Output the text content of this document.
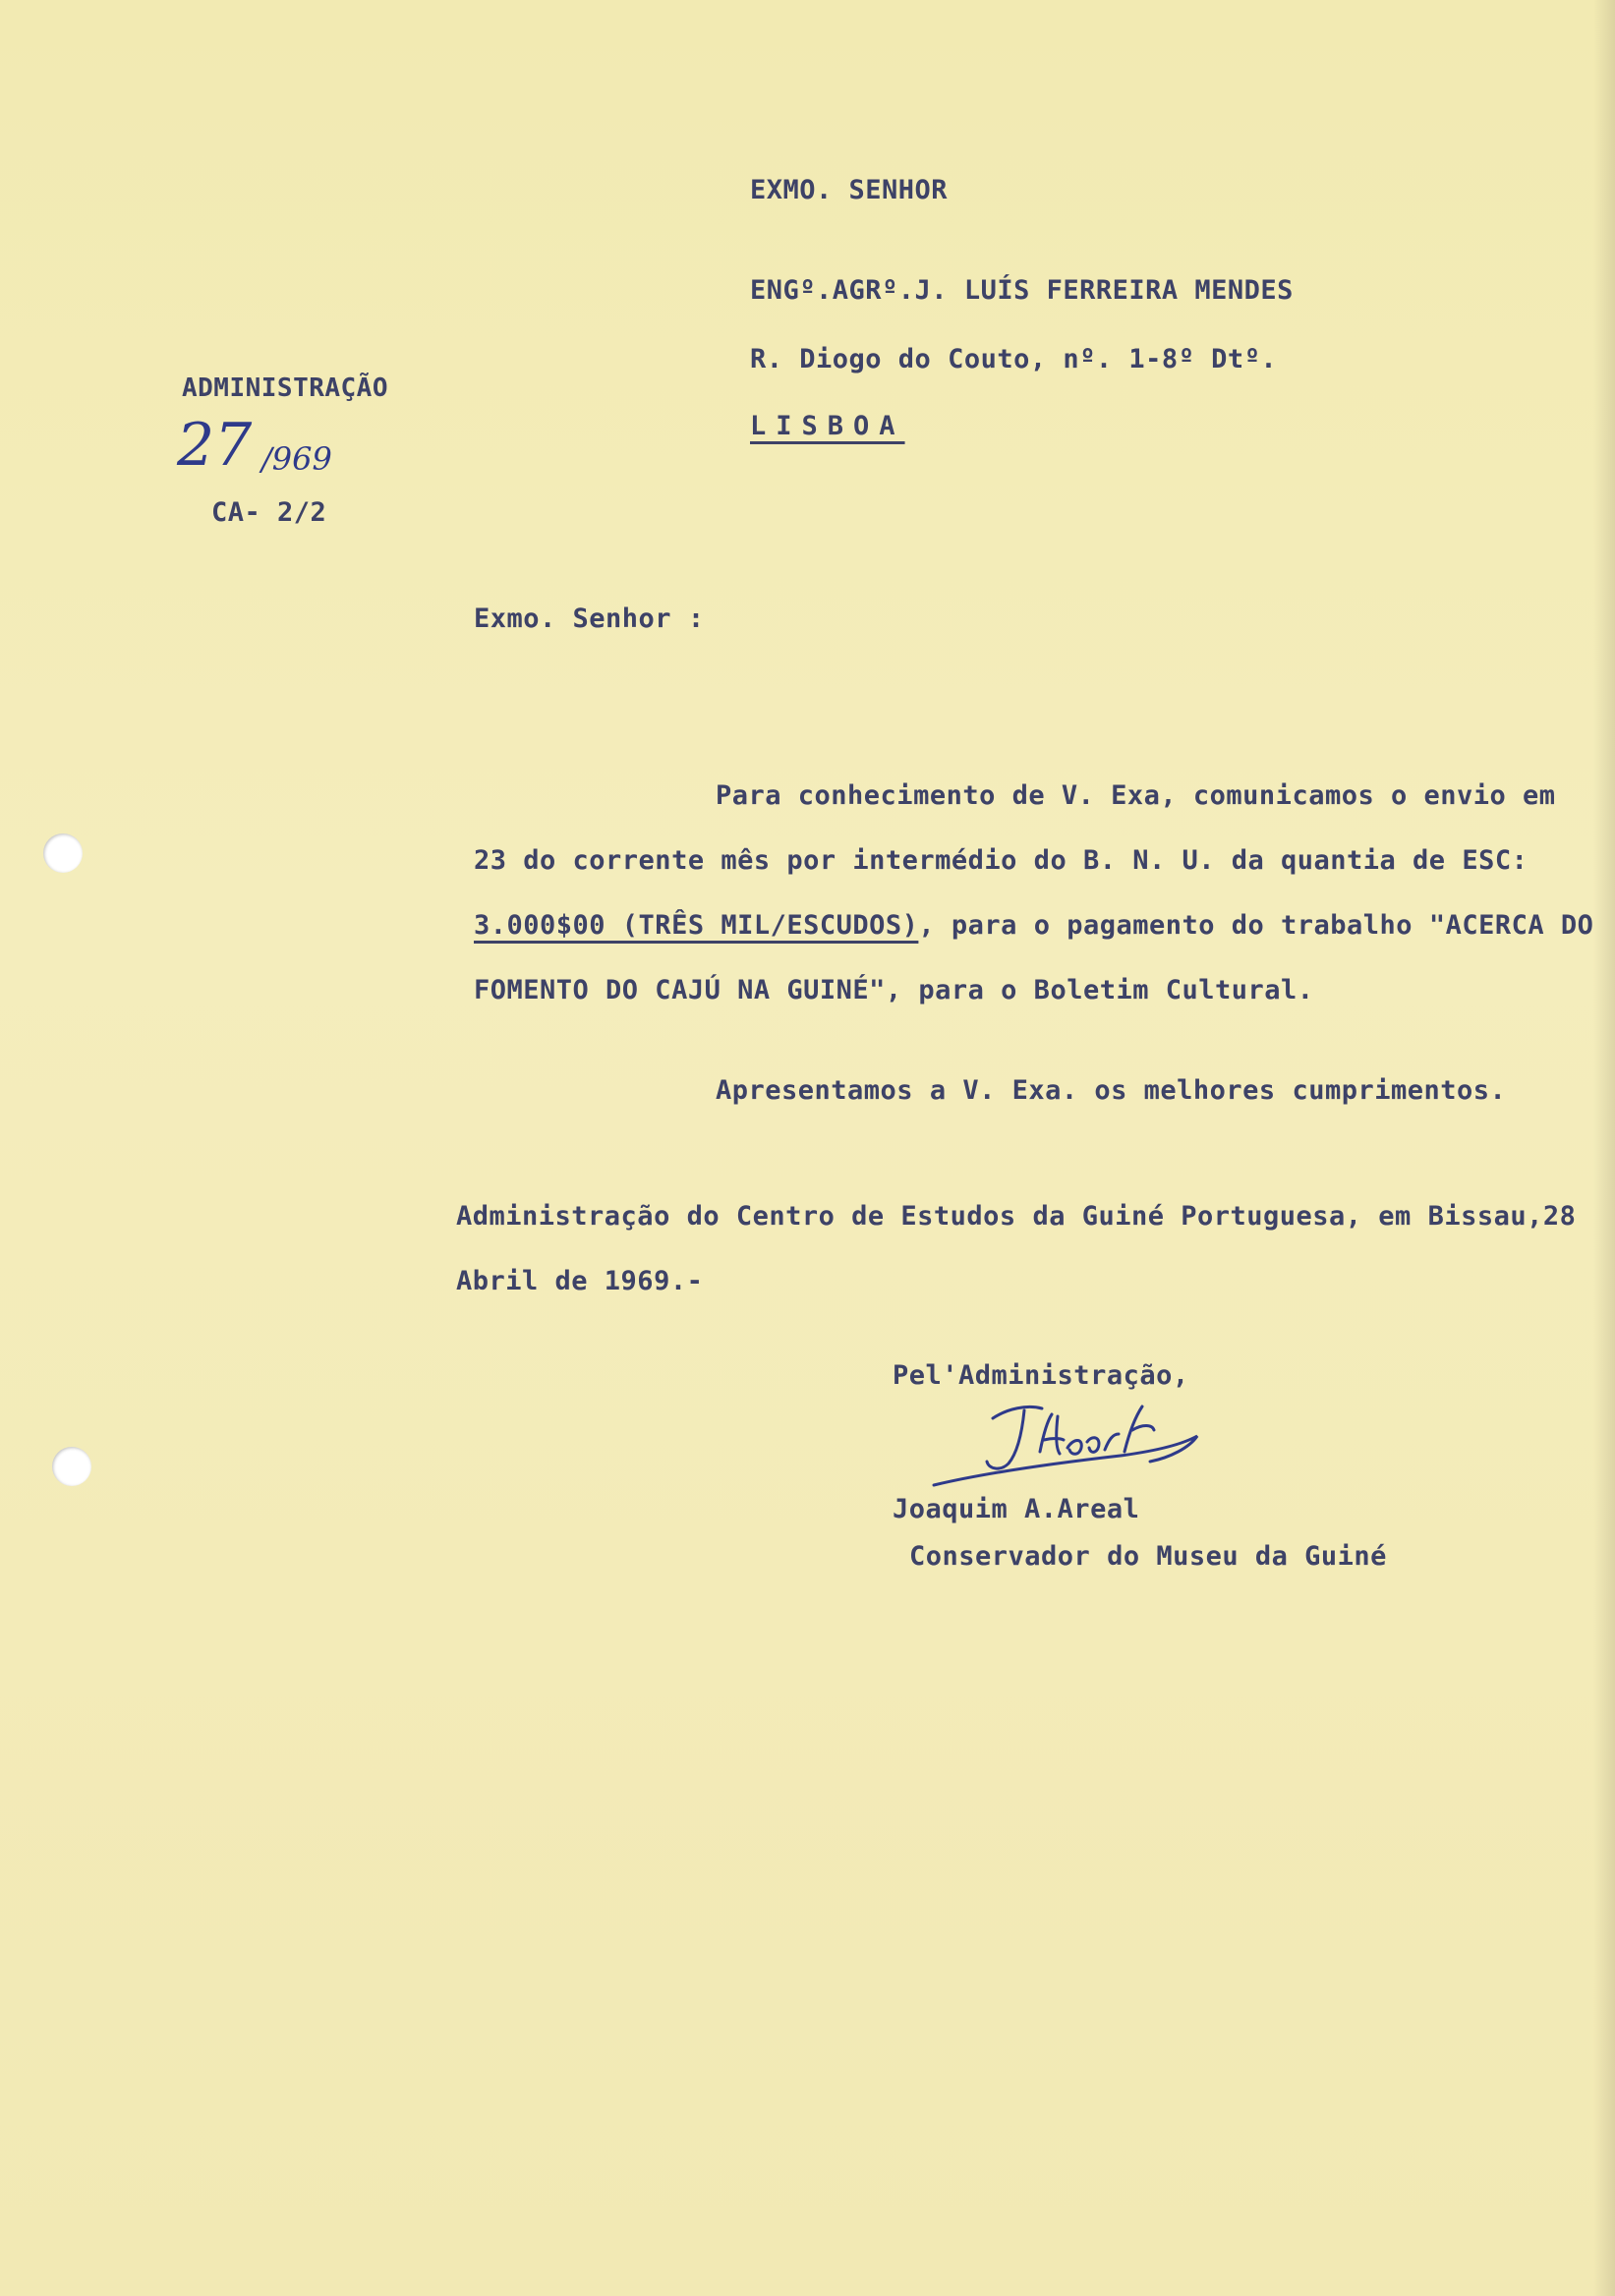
EXMO. SENHOR
ENGº.AGRº.J. LUÍS FERREIRA MENDES
R. Diogo do Couto, nº. 1-8º Dtº.
LISBOA
ADMINISTRAÇÃO
27 /969
CA- 2/2
Exmo. Senhor :
Para conhecimento de V. Exa, comunicamos o envio em
23 do corrente mês por intermédio do B. N. U. da quantia de ESC:
3.000$00 (TRÊS MIL/ESCUDOS), para o pagamento do trabalho "ACERCA DO
FOMENTO DO CAJÚ NA GUINÉ", para o Boletim Cultural.
Apresentamos a V. Exa. os melhores cumprimentos.
Administração do Centro de Estudos da Guiné Portuguesa, em Bissau,28
Abril de 1969.-
Pel'Administração,
JAreal
Joaquim A.Areal
Conservador do Museu da Guiné
